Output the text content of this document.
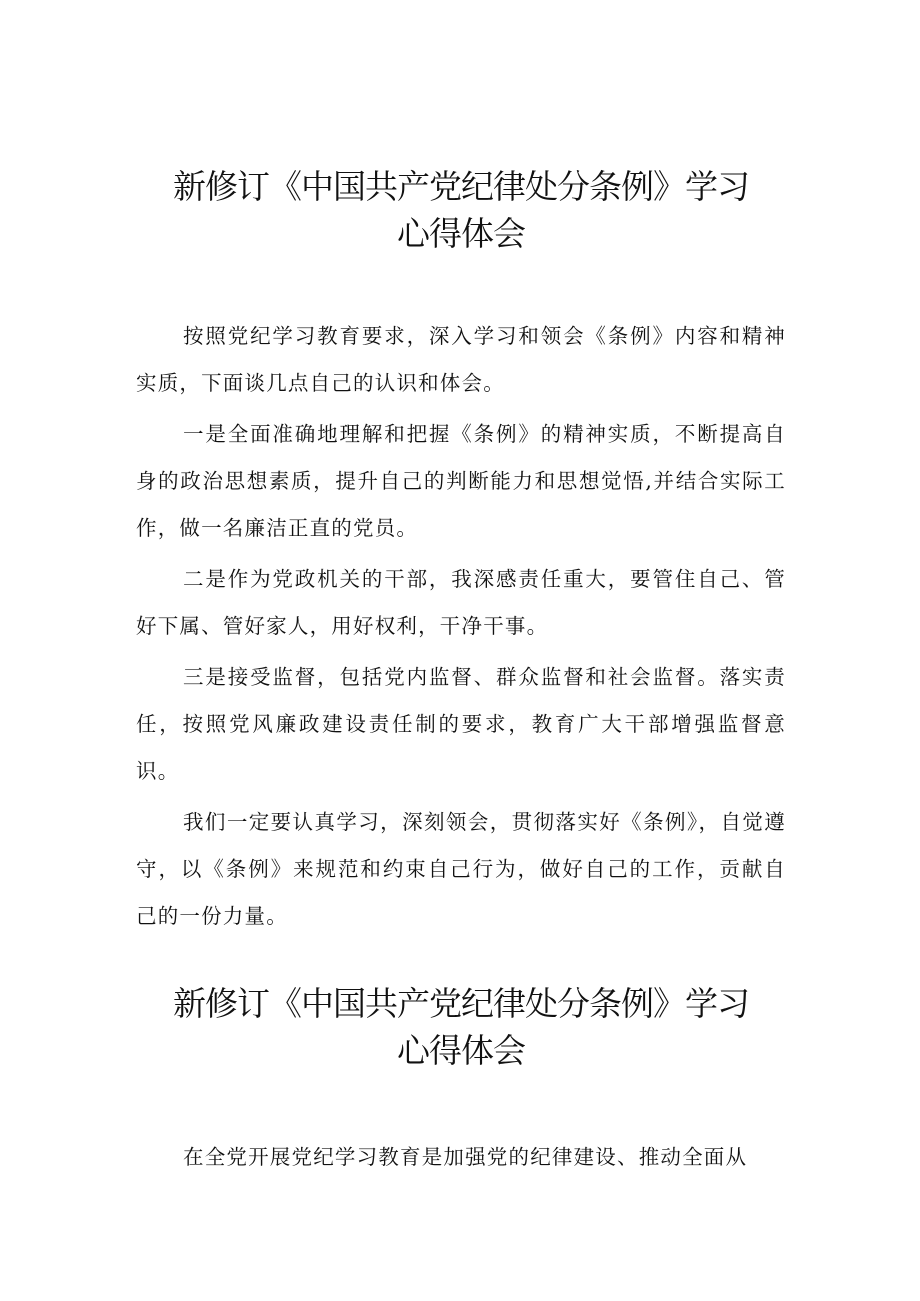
新修订《中国共产党纪律处分条例》学习
心得体会

按照党纪学习教育要求，深入学习和领会《条例》内容和精神实质，下面谈几点自己的认识和体会。

一是全面准确地理解和把握《条例》的精神实质，不断提高自身的政治思想素质，提升自己的判断能力和思想觉悟,并结合实际工作，做一名廉洁正直的党员。

二是作为党政机关的干部，我深感责任重大，要管住自己、管好下属、管好家人，用好权利，干净干事。

三是接受监督，包括党内监督、群众监督和社会监督。落实责任，按照党风廉政建设责任制的要求，教育广大干部增强监督意识。

我们一定要认真学习，深刻领会，贯彻落实好《条例》，自觉遵守，以《条例》来规范和约束自己行为，做好自己的工作，贡献自己的一份力量。

新修订《中国共产党纪律处分条例》学习
心得体会

在全党开展党纪学习教育是加强党的纪律建设、推动全面从
